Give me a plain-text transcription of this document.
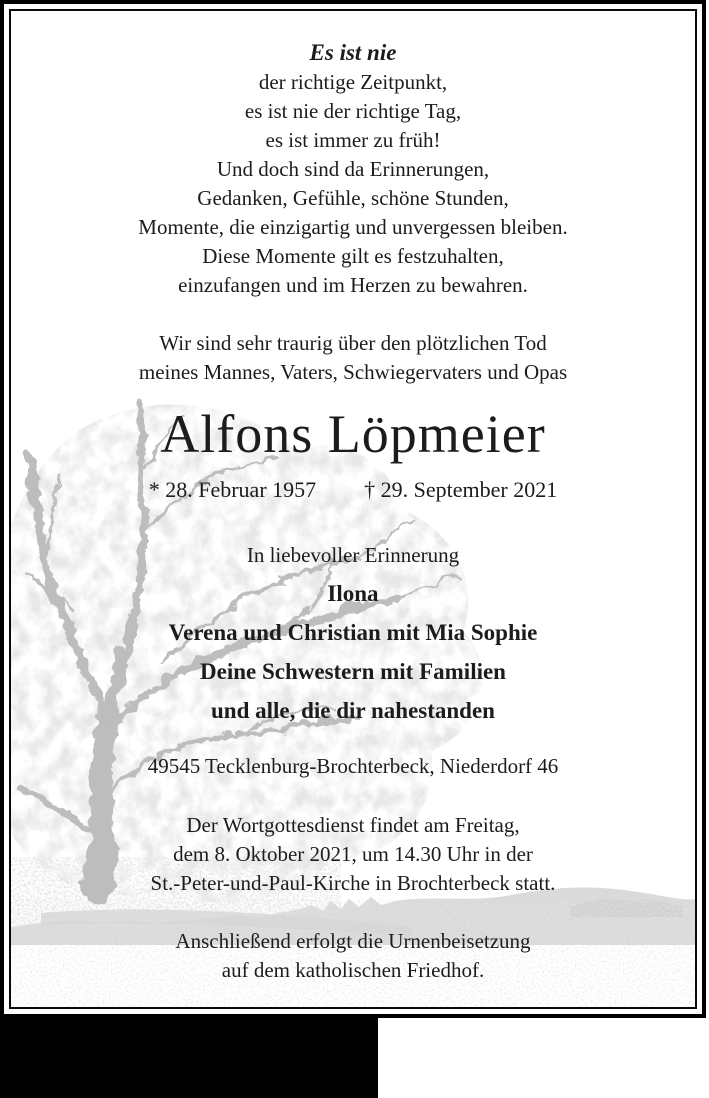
Es ist nie
der richtige Zeitpunkt,
es ist nie der richtige Tag,
es ist immer zu früh!
Und doch sind da Erinnerungen,
Gedanken, Gefühle, schöne Stunden,
Momente, die einzigartig und unvergessen bleiben.
Diese Momente gilt es festzuhalten,
einzufangen und im Herzen zu bewahren.
Wir sind sehr traurig über den plötzlichen Tod
meines Mannes, Vaters, Schwiegervaters und Opas
Alfons Löpmeier
* 28. Februar 1957 † 29. September 2021
In liebevoller Erinnerung
Ilona
Verena und Christian mit Mia Sophie
Deine Schwestern mit Familien
und alle, die dir nahestanden
49545 Tecklenburg-Brochterbeck, Niederdorf 46
Der Wortgottesdienst findet am Freitag,
dem 8. Oktober 2021, um 14.30 Uhr in der
St.-Peter-und-Paul-Kirche in Brochterbeck statt.
Anschließend erfolgt die Urnenbeisetzung
auf dem katholischen Friedhof.
